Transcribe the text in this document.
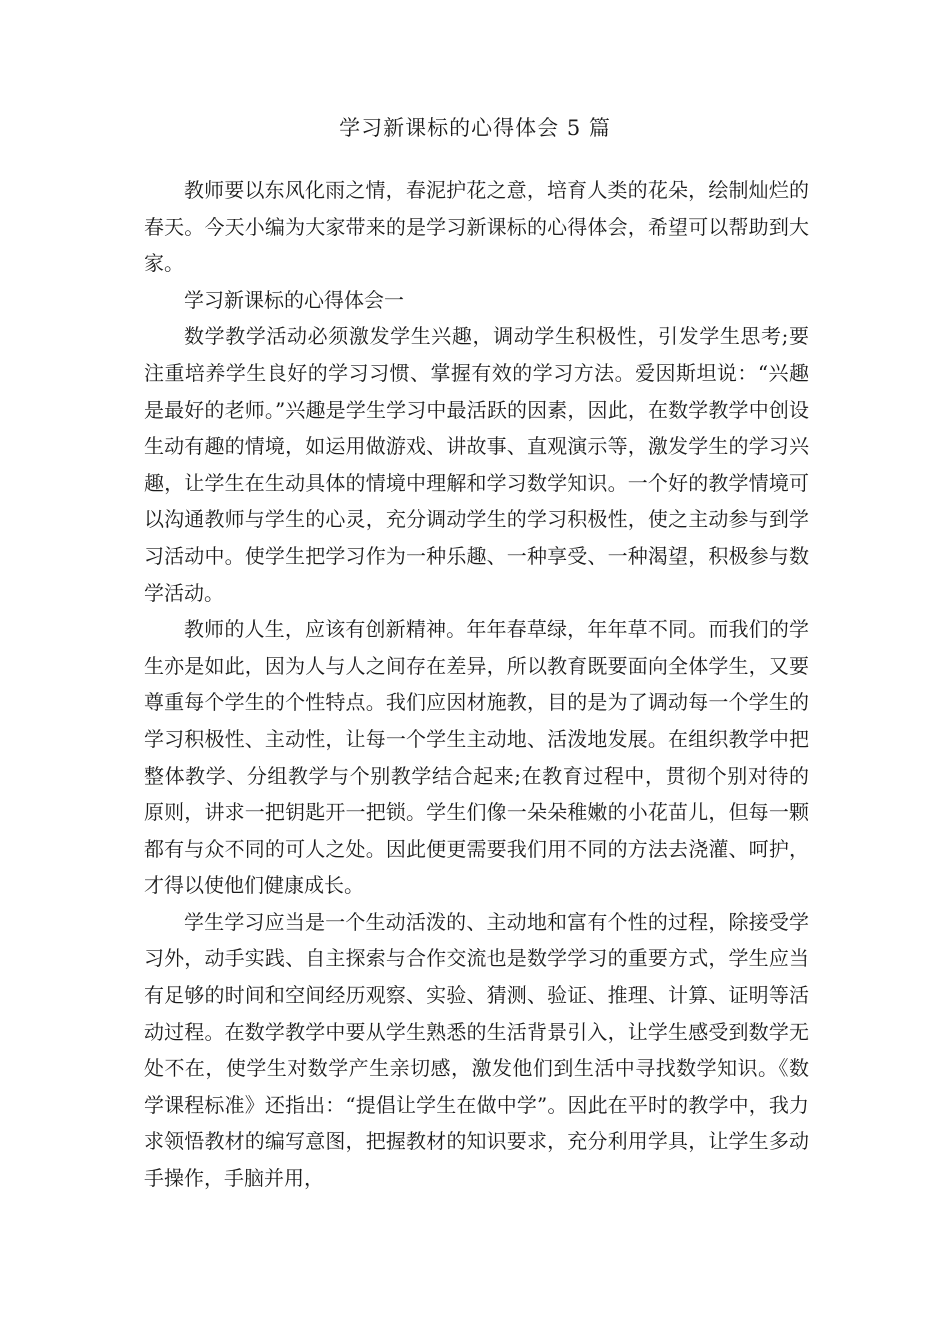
学习新课标的心得体会 5 篇

教师要以东风化雨之情，春泥护花之意，培育人类的花朵，绘制灿烂的春天。今天小编为大家带来的是学习新课标的心得体会，希望可以帮助到大家。

学习新课标的心得体会一

数学教学活动必须激发学生兴趣，调动学生积极性，引发学生思考;要注重培养学生良好的学习习惯、掌握有效的学习方法。爱因斯坦说：“兴趣是最好的老师。”兴趣是学生学习中最活跃的因素，因此，在数学教学中创设生动有趣的情境，如运用做游戏、讲故事、直观演示等，激发学生的学习兴趣，让学生在生动具体的情境中理解和学习数学知识。一个好的教学情境可以沟通教师与学生的心灵，充分调动学生的学习积极性，使之主动参与到学习活动中。使学生把学习作为一种乐趣、一种享受、一种渴望，积极参与数学活动。

教师的人生，应该有创新精神。年年春草绿，年年草不同。而我们的学生亦是如此，因为人与人之间存在差异，所以教育既要面向全体学生，又要尊重每个学生的个性特点。我们应因材施教，目的是为了调动每一个学生的学习积极性、主动性，让每一个学生主动地、活泼地发展。在组织教学中把整体教学、分组教学与个别教学结合起来;在教育过程中，贯彻个别对待的原则，讲求一把钥匙开一把锁。学生们像一朵朵稚嫩的小花苗儿，但每一颗都有与众不同的可人之处。因此便更需要我们用不同的方法去浇灌、呵护，才得以使他们健康成长。

学生学习应当是一个生动活泼的、主动地和富有个性的过程，除接受学习外，动手实践、自主探索与合作交流也是数学学习的重要方式，学生应当有足够的时间和空间经历观察、实验、猜测、验证、推理、计算、证明等活动过程。在数学教学中要从学生熟悉的生活背景引入，让学生感受到数学无处不在，使学生对数学产生亲切感，激发他们到生活中寻找数学知识。《数学课程标准》还指出：“提倡让学生在做中学”。因此在平时的教学中，我力求领悟教材的编写意图，把握教材的知识要求，充分利用学具，让学生多动手操作，手脑并用，
